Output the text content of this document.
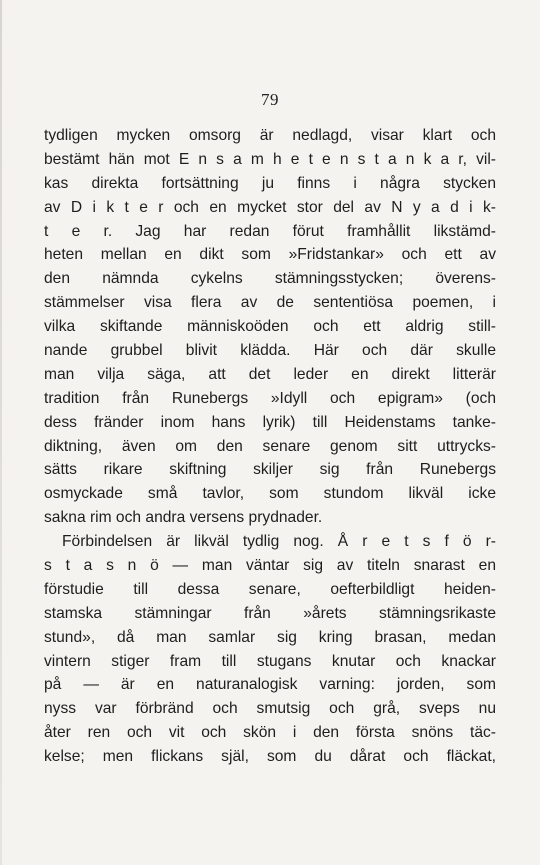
79
tydligen mycken omsorg är nedlagd, visar klart och
bestämt hän mot E n s a m h e t e n s t a n k a r, vil-
kas direkta fortsättning ju finns i några stycken
av D i k t e r och en mycket stor del av N y a d i k-
t e r. Jag har redan förut framhållit likstämd-
heten mellan en dikt som »Fridstankar» och ett av
den nämnda cykelns stämningsstycken; överens-
stämmelser visa flera av de sententiösa poemen, i
vilka skiftande människoöden och ett aldrig still-
nande grubbel blivit klädda. Här och där skulle
man vilja säga, att det leder en direkt litterär
tradition från Runebergs »Idyll och epigram» (och
dess fränder inom hans lyrik) till Heidenstams tanke-
diktning, även om den senare genom sitt uttrycks-
sätts rikare skiftning skiljer sig från Runebergs
osmyckade små tavlor, som stundom likväl icke
sakna rim och andra versens prydnader.
Förbindelsen är likväl tydlig nog. Å r e t s f ö r-
s t a s n ö — man väntar sig av titeln snarast en
förstudie till dessa senare, oefterbildligt heiden-
stamska stämningar från »årets stämningsrikaste
stund», då man samlar sig kring brasan, medan
vintern stiger fram till stugans knutar och knackar
på — är en naturanalogisk varning: jorden, som
nyss var förbränd och smutsig och grå, sveps nu
åter ren och vit och skön i den första snöns täc-
kelse; men flickans själ, som du dårat och fläckat,
